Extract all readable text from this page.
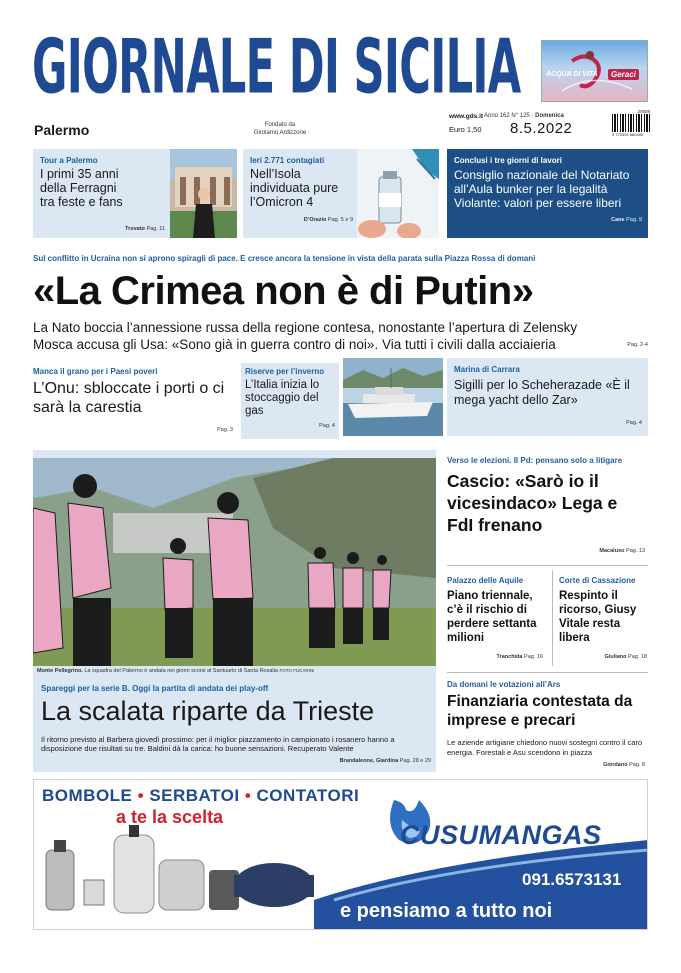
GIORNALE DI SICILIA	ACQUA DI VITA	Geraci
Palermo	Fondato da
Girolamo Ardizzone
www.gds.it Anno 162 N° 125 · Domenica
Euro 1,50 8.5.2022
20508
9 770391 660405
Tour a Palermo
I primi 35 anni della Ferragni tra feste e fans
Trovato Pag. 11
Ieri 2.771 contagiati
Nell’Isola individuata pure l’Omicron 4
D’Orazio Pag. 5 e 9
Conclusi i tre giorni di lavori
Consiglio nazionale del Notariato all’Aula bunker per la legalità Violante: valori per essere liberi
Cane Pag. 9
Sul conflitto in Ucraina non si aprono spiragli di pace. E cresce ancora la tensione in vista della parata sulla Piazza Rossa di domani
«La Crimea non è di Putin»
La Nato boccia l’annessione russa della regione contesa, nonostante l’apertura di Zelensky
Mosca accusa gli Usa: «Sono già in guerra contro di noi». Via tutti i civili dalla acciaieria	Pag. 2-4
Manca il grano per i Paesi poveri
L’Onu: sbloccate i porti o ci sarà la carestia
Pag. 3
Riserve per l’inverno
L’Italia inizia lo stoccaggio del gas
Pag. 4
Marina di Carrara
Sigilli per lo Scheherazade «È il mega yacht dello Zar»
Pag. 4
Monte Pellegrino. La squadra del Palermo è andata nei giorni scorsi al Santuario di Santa Rosalia FOTO FUCARINI
Spareggi per la serie B. Oggi la partita di andata dei play-off
La scalata riparte da Trieste
Il ritorno previsto al Barbera giovedì prossimo: per il miglior piazzamento in campionato i rosanero hanno a disposizione due risultati su tre. Baldini dà la carica: ho buone sensazioni. Recuperato Valente
Brandaleone, Giardina Pag. 28 e 29
Verso le elezioni. Il Pd: pensano solo a litigare
Cascio: «Sarò io il vicesindaco» Lega e FdI frenano
Macaluso Pag. 13
Palazzo delle Aquile
Piano triennale, c’è il rischio di perdere settanta milioni
Tranchida Pag. 16
Corte di Cassazione
Respinto il ricorso, Giusy Vitale resta libera
Giuliano Pag. 18
Da domani le votazioni all’Ars
Finanziaria contestata da imprese e precari
Le aziende artigiane chiedono nuovi sostegni contro il caro energia. Forestali e Asu scendono in piazza
Giordano Pag. 8
BOMBOLE • SERBATOI • CONTATORI
a te la scelta
CUSUMANGAS
091.6573131
e pensiamo a tutto noi
